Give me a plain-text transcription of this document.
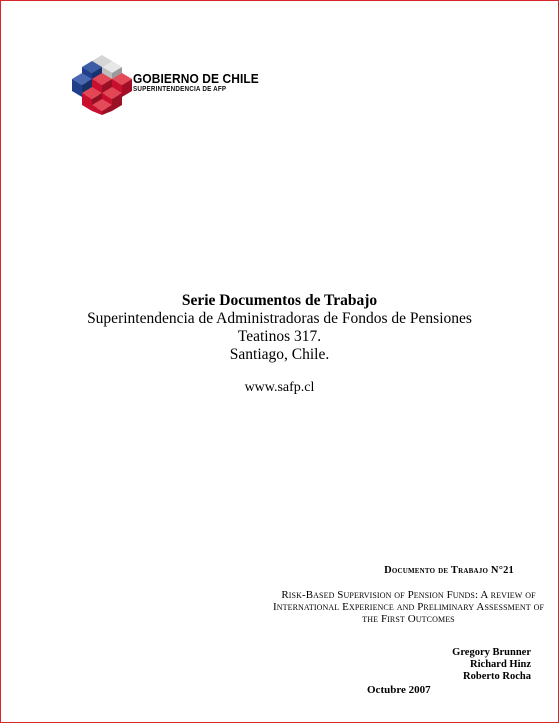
GOBIERNO DE CHILE
SUPERINTENDENCIA DE AFP
Serie Documentos de Trabajo
Superintendencia de Administradoras de Fondos de Pensiones
Teatinos 317.
Santiago, Chile.
www.safp.cl
Documento de Trabajo N°21
Risk-Based Supervision of Pension Funds: A review of International Experience and Preliminary Assessment of the First Outcomes
Gregory Brunner
Richard Hinz
Roberto Rocha
Octubre 2007
